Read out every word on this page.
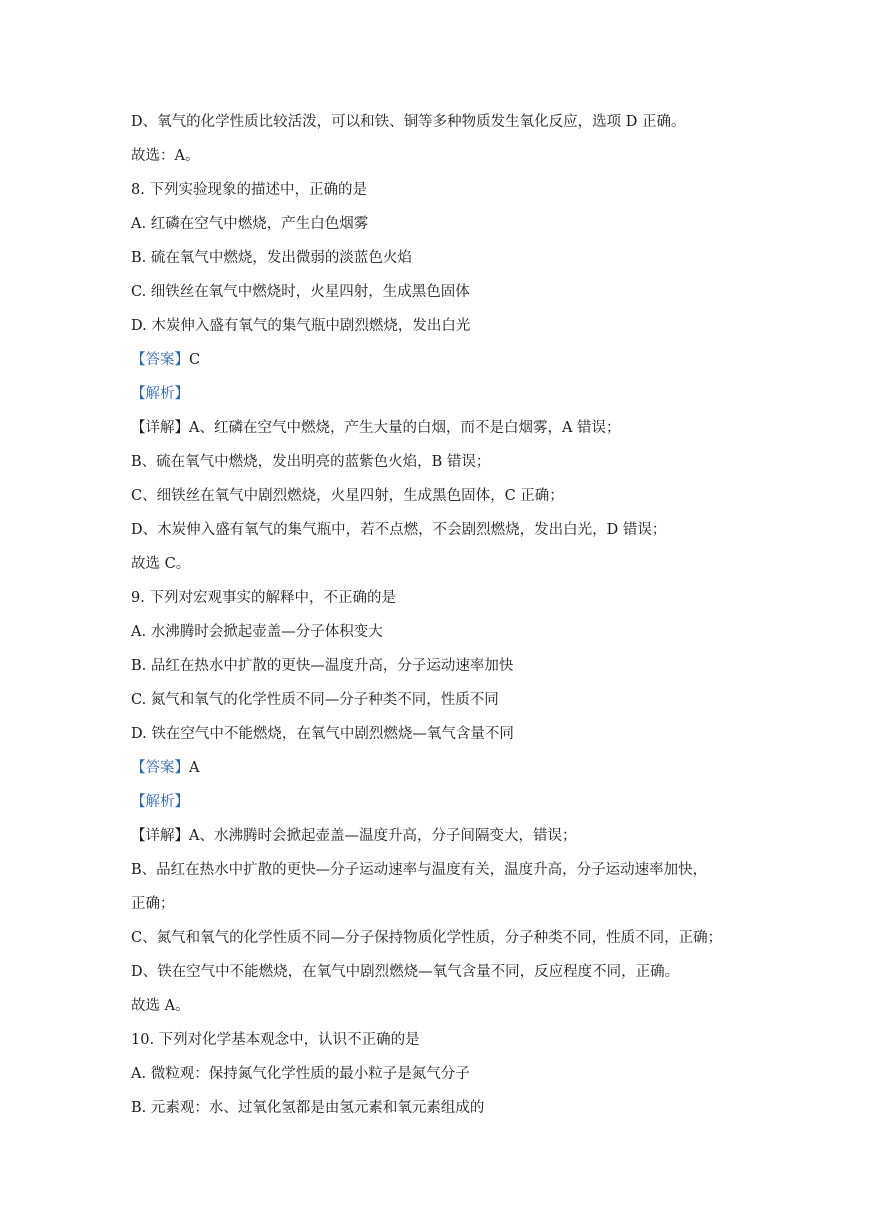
D、氧气的化学性质比较活泼，可以和铁、铜等多种物质发生氧化反应，选项 D 正确。
故选：A。
8. 下列实验现象的描述中，正确的是
A. 红磷在空气中燃烧，产生白色烟雾
B. 硫在氧气中燃烧，发出微弱的淡蓝色火焰
C. 细铁丝在氧气中燃烧时，火星四射，生成黑色固体
D. 木炭伸入盛有氧气的集气瓶中剧烈燃烧，发出白光
【答案】C
【解析】
【详解】A、红磷在空气中燃烧，产生大量的白烟，而不是白烟雾，A 错误；
B、硫在氧气中燃烧，发出明亮的蓝紫色火焰，B 错误；
C、细铁丝在氧气中剧烈燃烧，火星四射，生成黑色固体，C 正确；
D、木炭伸入盛有氧气的集气瓶中，若不点燃，不会剧烈燃烧，发出白光，D 错误；
故选 C。
9. 下列对宏观事实的解释中，不正确的是
A. 水沸腾时会掀起壶盖—分子体积变大
B. 品红在热水中扩散的更快—温度升高，分子运动速率加快
C. 氮气和氧气的化学性质不同—分子种类不同，性质不同
D. 铁在空气中不能燃烧，在氧气中剧烈燃烧—氧气含量不同
【答案】A
【解析】
【详解】A、水沸腾时会掀起壶盖—温度升高，分子间隔变大，错误；
B、品红在热水中扩散的更快—分子运动速率与温度有关，温度升高，分子运动速率加快，
正确；
C、氮气和氧气的化学性质不同—分子保持物质化学性质，分子种类不同，性质不同，正确；
D、铁在空气中不能燃烧，在氧气中剧烈燃烧—氧气含量不同，反应程度不同，正确。
故选 A。
10. 下列对化学基本观念中，认识不正确的是
A. 微粒观：保持氮气化学性质的最小粒子是氮气分子
B. 元素观：水、过氧化氢都是由氢元素和氧元素组成的
